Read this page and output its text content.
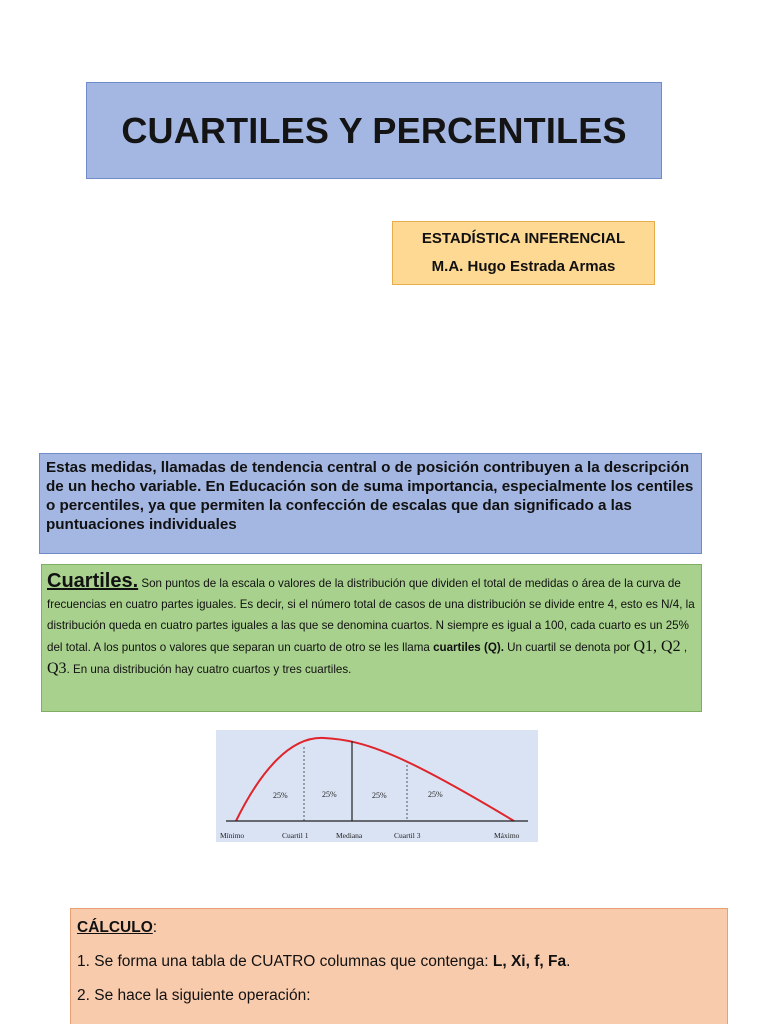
CUARTILES Y PERCENTILES
ESTADÍSTICA INFERENCIAL
M.A. Hugo Estrada Armas
Estas medidas, llamadas de tendencia central o de posición contribuyen a la descripción de un hecho variable. En Educación son de suma importancia, especialmente los centiles o percentiles, ya que permiten la confección de escalas que dan significado a las puntuaciones individuales
Cuartiles. Son puntos de la escala o valores de la distribución que dividen el total de medidas o área de la curva de frecuencias en cuatro partes iguales. Es decir, si el número total de casos de una distribución se divide entre 4, esto es N/4, la distribución queda en cuatro partes iguales a las que se denomina cuartos. N siempre es igual a 100, cada cuarto es un 25% del total. A los puntos o valores que separan un cuarto de otro se les llama cuartiles (Q). Un cuartil se denota por Q1, Q2 , Q3. En una distribución hay cuatro cuartos y tres cuartiles.
25%	25%	25%	25%
Mínimo	Cuartil 1	Mediana	Cuartil 3	Máximo

CÁLCULO:

1. Se forma una tabla de CUATRO columnas que contenga: L, Xi, f, Fa.

2. Se hace la siguiente operación:
